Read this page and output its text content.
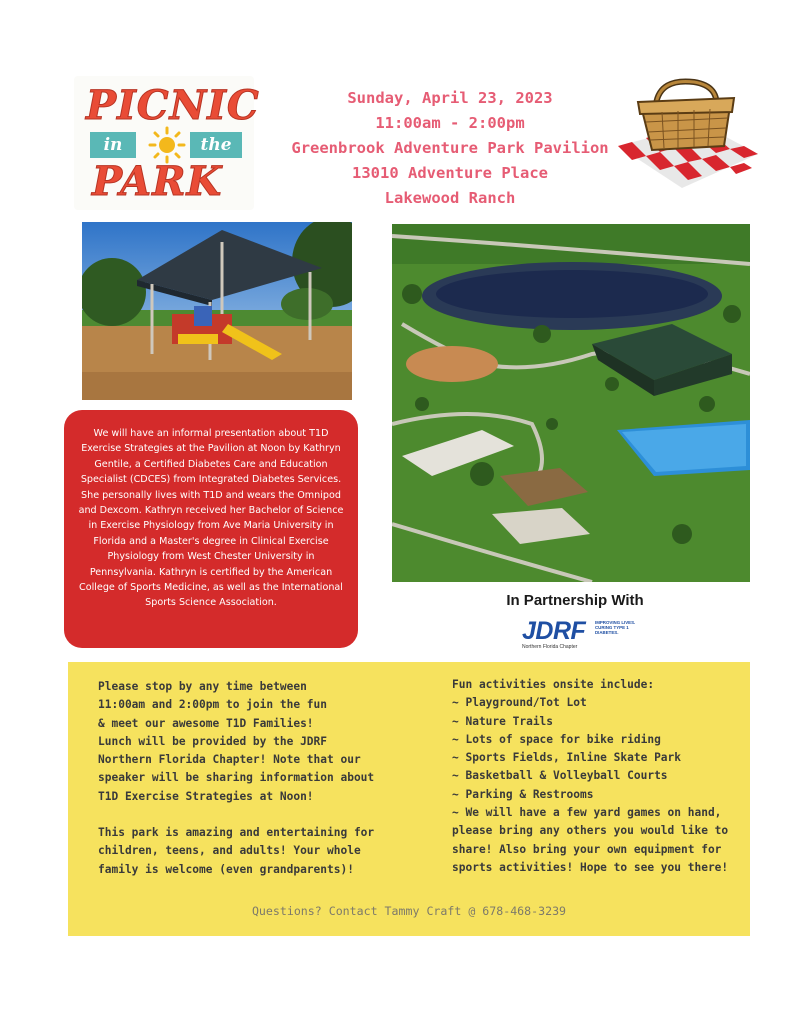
PICNIC
in	the
PARK
Sunday, April 23, 2023
11:00am - 2:00pm
Greenbrook Adventure Park Pavilion
13010 Adventure Place
Lakewood Ranch
We will have an informal presentation about T1D Exercise Strategies at the Pavilion at Noon by Kathryn Gentile, a Certified Diabetes Care and Education Specialist (CDCES) from Integrated Diabetes Services. She personally lives with T1D and wears the Omnipod and Dexcom. Kathryn received her Bachelor of Science in Exercise Physiology from Ave Maria University in Florida and a Master's degree in Clinical Exercise Physiology from West Chester University in Pennsylvania. Kathryn is certified by the American College of Sports Medicine, as well as the International Sports Science Association.	In Partnership With
JDRF IMPROVING LIVES. CURING TYPE 1 DIABETES.
Northern Florida Chapter
Please stop by any time between
11:00am and 2:00pm to join the fun
& meet our awesome T1D Families!
Lunch will be provided by the JDRF
Northern Florida Chapter! Note that our
speaker will be sharing information about
T1D Exercise Strategies at Noon!
This park is amazing and entertaining for
children, teens, and adults! Your whole
family is welcome (even grandparents)!
Fun activities onsite include:
~ Playground/Tot Lot
~ Nature Trails
~ Lots of space for bike riding
~ Sports Fields, Inline Skate Park
~ Basketball & Volleyball Courts
~ Parking & Restrooms
~ We will have a few yard games on hand,
please bring any others you would like to
share! Also bring your own equipment for
sports activities! Hope to see you there!
Questions? Contact Tammy Craft @ 678-468-3239
